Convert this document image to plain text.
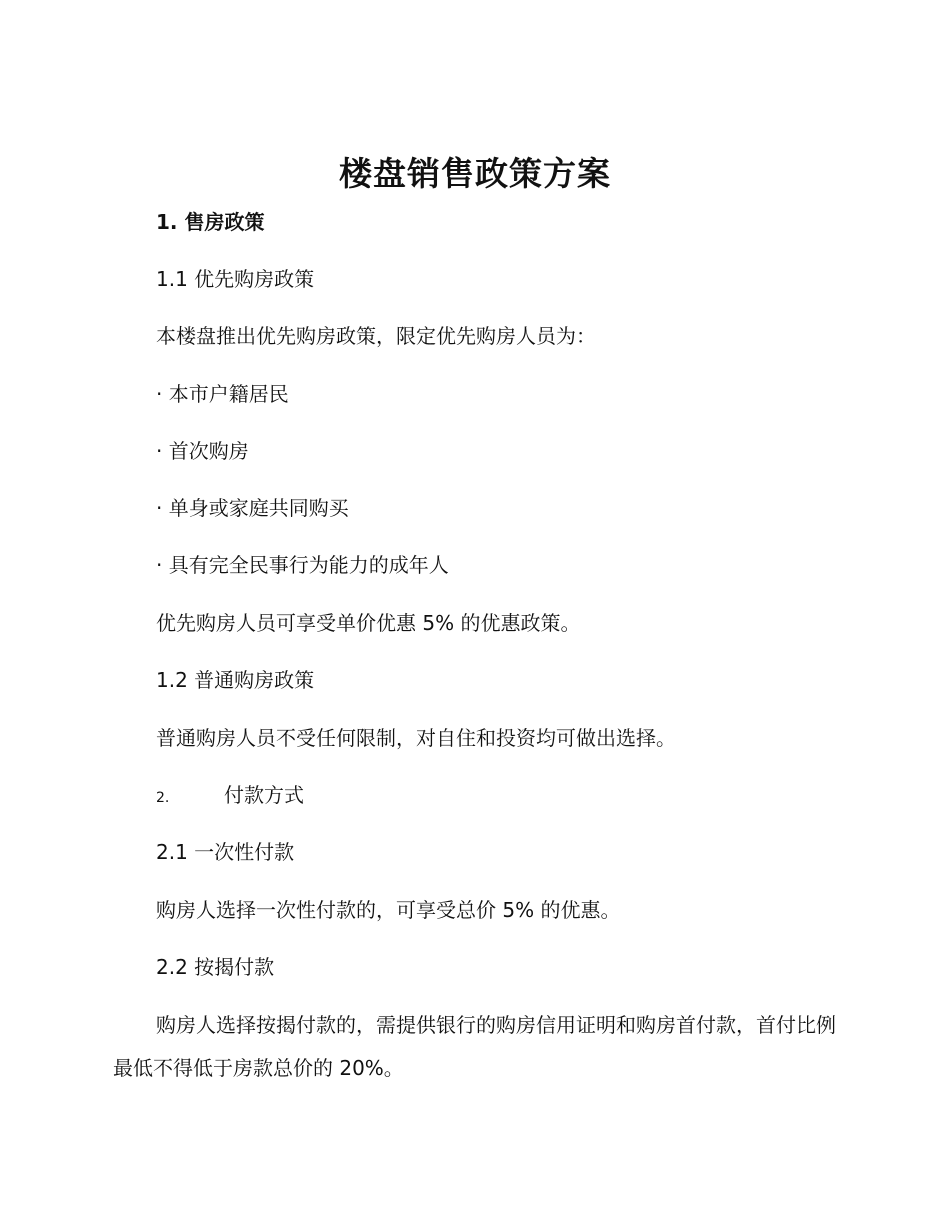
楼盘销售政策方案
1. 售房政策
1.1 优先购房政策
本楼盘推出优先购房政策，限定优先购房人员为：
· 本市户籍居民
· 首次购房
· 单身或家庭共同购买
· 具有完全民事行为能力的成年人
优先购房人员可享受单价优惠 5% 的优惠政策。
1.2 普通购房政策
普通购房人员不受任何限制，对自住和投资均可做出选择。
2.	付款方式
2.1 一次性付款
购房人选择一次性付款的，可享受总价 5% 的优惠。
2.2 按揭付款
购房人选择按揭付款的，需提供银行的购房信用证明和购房首付款，首付比例最低不得低于房款总价的 20%。
